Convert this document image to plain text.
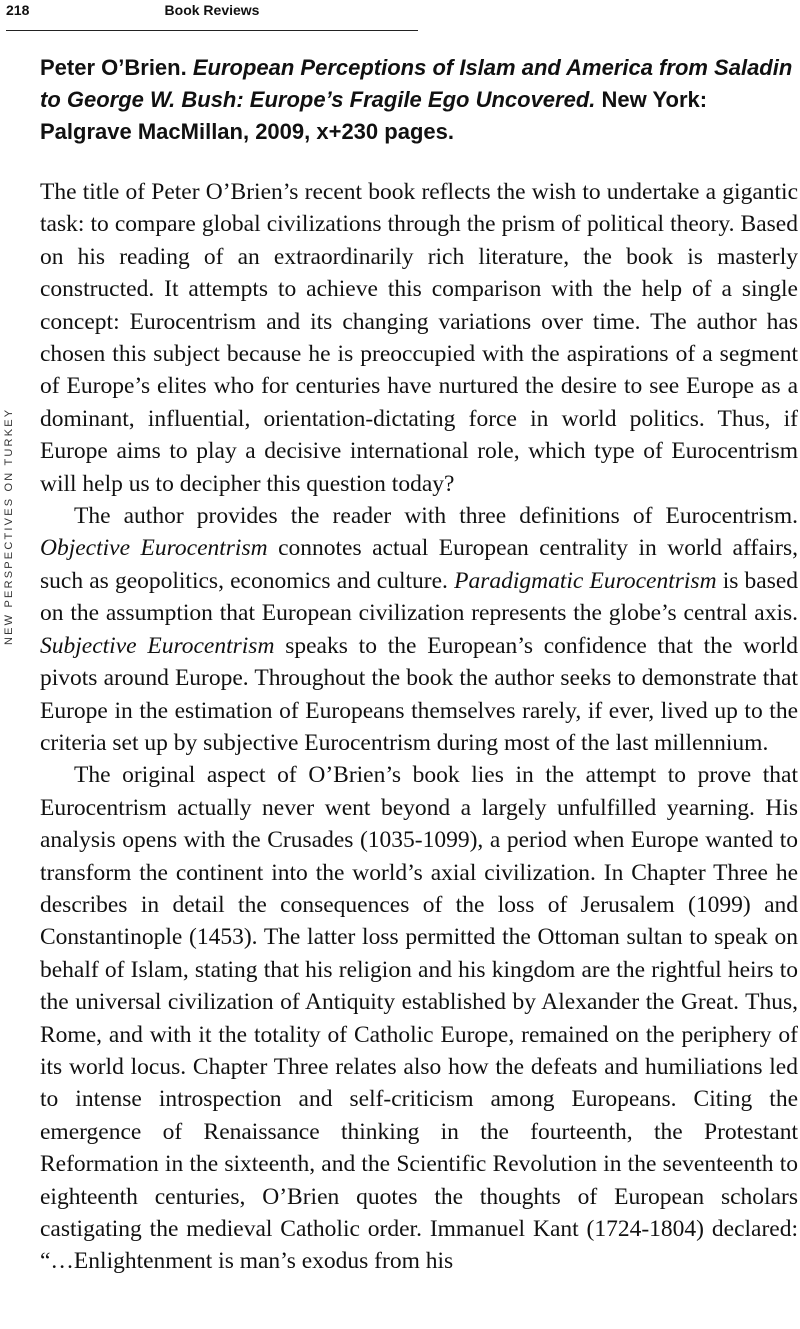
218	Book Reviews
NEW PERSPECTIVES ON TURKEY

Peter O’Brien. European Perceptions of Islam and America from Saladin to George W. Bush: Europe’s Fragile Ego Uncovered. New York: Palgrave MacMillan, 2009, x+230 pages.

The title of Peter O’Brien’s recent book reflects the wish to undertake a gigantic task: to compare global civilizations through the prism of political theory. Based on his reading of an extraordinarily rich literature, the book is masterly constructed. It attempts to achieve this comparison with the help of a single concept: Eurocentrism and its changing variations over time. The author has chosen this subject because he is preoccupied with the aspirations of a segment of Europe’s elites who for centuries have nurtured the desire to see Europe as a dominant, influential, orientation-dictating force in world politics. Thus, if Europe aims to play a decisive international role, which type of Eurocentrism will help us to decipher this question today?

The author provides the reader with three definitions of Eurocentrism. Objective Eurocentrism connotes actual European centrality in world affairs, such as geopolitics, economics and culture. Paradigmatic Eurocentrism is based on the assumption that European civilization represents the globe’s central axis. Subjective Eurocentrism speaks to the European’s confidence that the world pivots around Europe. Throughout the book the author seeks to demonstrate that Europe in the estimation of Europeans themselves rarely, if ever, lived up to the criteria set up by subjective Eurocentrism during most of the last millennium.

The original aspect of O’Brien’s book lies in the attempt to prove that Eurocentrism actually never went beyond a largely unfulfilled yearning. His analysis opens with the Crusades (1035-1099), a period when Europe wanted to transform the continent into the world’s axial civilization. In Chapter Three he describes in detail the consequences of the loss of Jerusalem (1099) and Constantinople (1453). The latter loss permitted the Ottoman sultan to speak on behalf of Islam, stating that his religion and his kingdom are the rightful heirs to the universal civilization of Antiquity established by Alexander the Great. Thus, Rome, and with it the totality of Catholic Europe, remained on the periphery of its world locus. Chapter Three relates also how the defeats and humiliations led to intense introspection and self-criticism among Europeans. Citing the emergence of Renaissance thinking in the fourteenth, the Protestant Reformation in the sixteenth, and the Scientific Revolution in the seventeenth to eighteenth centuries, O’Brien quotes the thoughts of European scholars castigating the medieval Catholic order. Immanuel Kant (1724-1804) declared: “…Enlightenment is man’s exodus from his
